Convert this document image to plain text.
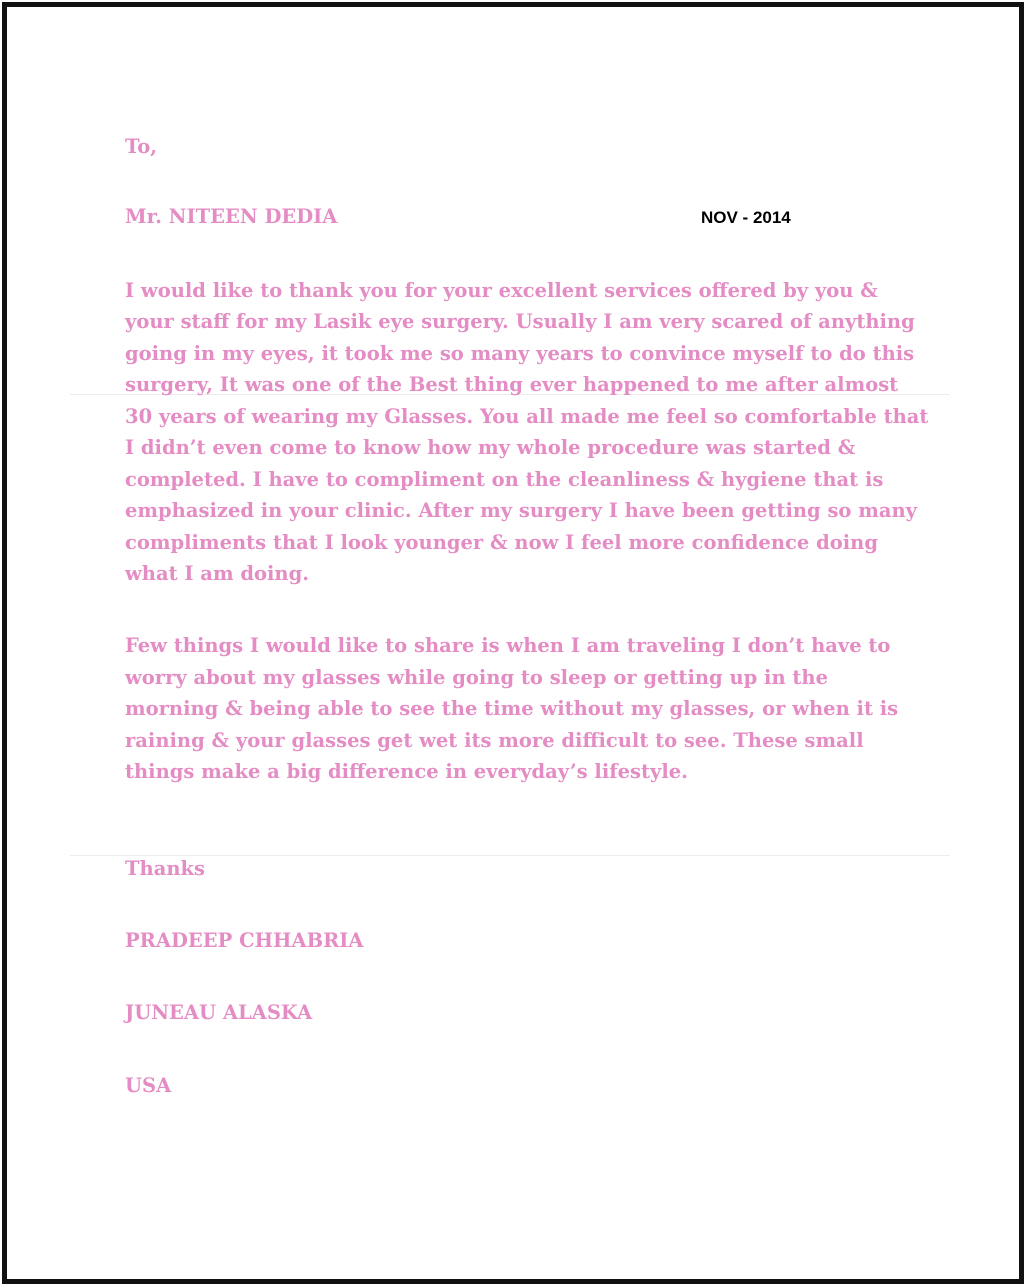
To,
Mr. NITEEN DEDIA	NOV - 2014
I would like to thank you for your excellent services offered by you &
your staff for my Lasik eye surgery. Usually I am very scared of anything
going in my eyes, it took me so many years to convince myself to do this
surgery, It was one of the Best thing ever happened to me after almost
30 years of wearing my Glasses. You all made me feel so comfortable that
I didn’t even come to know how my whole procedure was started &
completed. I have to compliment on the cleanliness & hygiene that is
emphasized in your clinic. After my surgery I have been getting so many
compliments that I look younger & now I feel more confidence doing
what I am doing.
Few things I would like to share is when I am traveling I don’t have to
worry about my glasses while going to sleep or getting up in the
morning & being able to see the time without my glasses, or when it is
raining & your glasses get wet its more difficult to see. These small
things make a big difference in everyday’s lifestyle.
Thanks
PRADEEP CHHABRIA
JUNEAU ALASKA
USA
